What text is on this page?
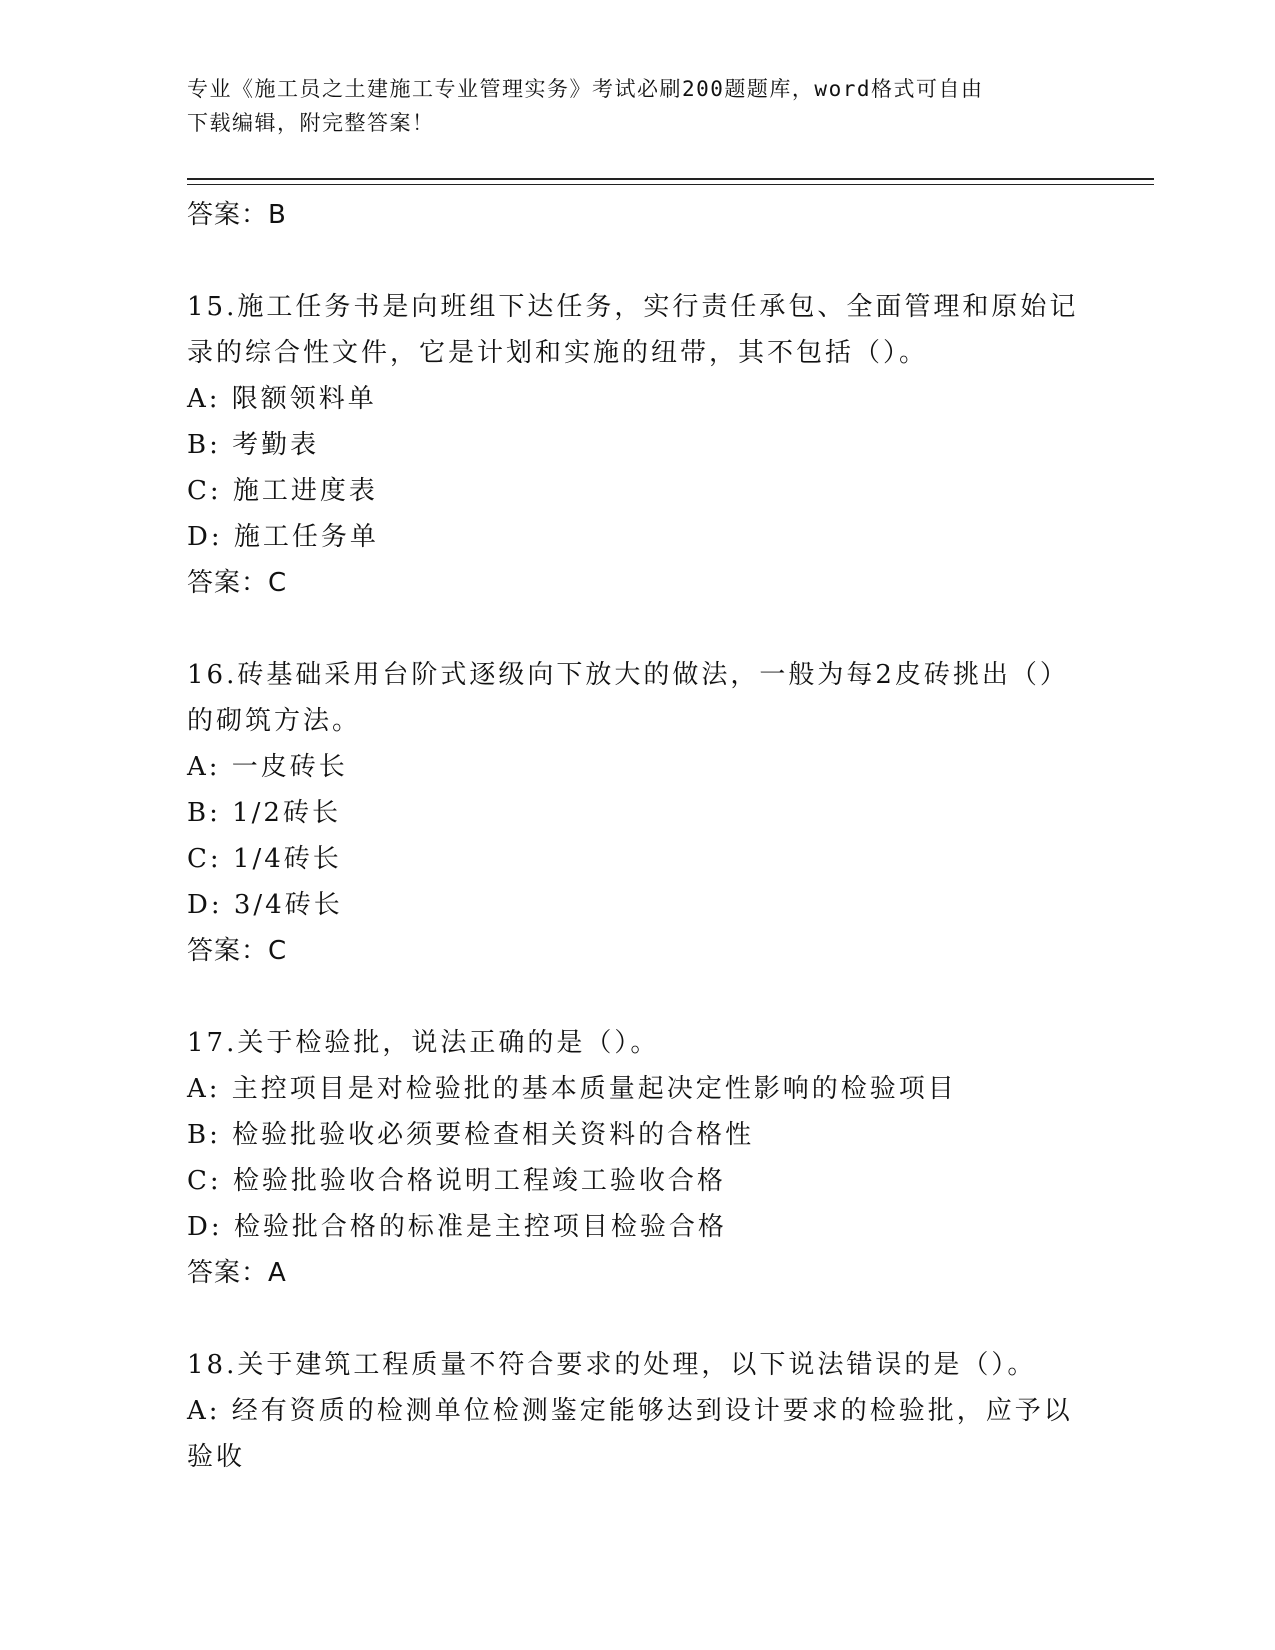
专业《施工员之土建施工专业管理实务》考试必刷200题题库，word格式可自由
下载编辑，附完整答案！
答案：B
15.施工任务书是向班组下达任务，实行责任承包、全面管理和原始记
录的综合性文件，它是计划和实施的纽带，其不包括（）。
A: 限额领料单
B: 考勤表
C: 施工进度表
D: 施工任务单
答案：C
16.砖基础采用台阶式逐级向下放大的做法，一般为每2皮砖挑出（）
的砌筑方法。
A: 一皮砖长
B: 1/2砖长
C: 1/4砖长
D: 3/4砖长
答案：C
17.关于检验批，说法正确的是（）。
A: 主控项目是对检验批的基本质量起决定性影响的检验项目
B: 检验批验收必须要检查相关资料的合格性
C: 检验批验收合格说明工程竣工验收合格
D: 检验批合格的标准是主控项目检验合格
答案：A
18.关于建筑工程质量不符合要求的处理，以下说法错误的是（）。
A: 经有资质的检测单位检测鉴定能够达到设计要求的检验批，应予以
验收
